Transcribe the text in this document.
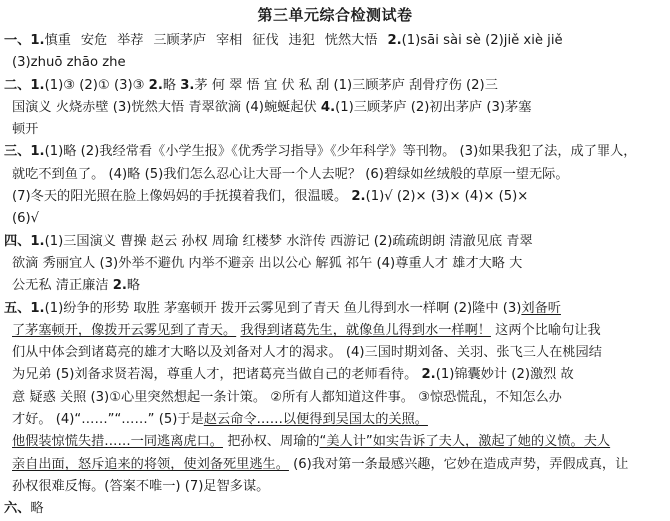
第三单元综合检测试卷
一、1.慎重 安危 举荐 三顾茅庐 宰相 征伐 违犯 恍然大悟 2.(1)sāi sài sè (2)jiě xiè jiě
(3)zhuō zhāo zhe
二、1.(1)③ (2)① (3)③ 2.略 3.茅 何 翠 悟 宜 伏 私 刮 (1)三顾茅庐 刮骨疗伤 (2)三
国演义 火烧赤壁 (3)恍然大悟 青翠欲滴 (4)蜿蜒起伏 4.(1)三顾茅庐 (2)初出茅庐 (3)茅塞
顿开
三、1.(1)略 (2)我经常看《小学生报》《优秀学习指导》《少年科学》等刊物。 (3)如果我犯了法，成了罪人，
就吃不到鱼了。 (4)略 (5)我们怎么忍心让大哥一个人去呢？ (6)碧绿如丝绒般的草原一望无际。
(7)冬天的阳光照在脸上像妈妈的手抚摸着我们，很温暖。 2.(1)√ (2)× (3)× (4)× (5)×
(6)√
四、1.(1)三国演义 曹操 赵云 孙权 周瑜 红楼梦 水浒传 西游记 (2)疏疏朗朗 清澈见底 青翠
欲滴 秀丽宜人 (3)外举不避仇 内举不避亲 出以公心 解狐 祁午 (4)尊重人才 雄才大略 大
公无私 清正廉洁 2.略
五、1.(1)纷争的形势 取胜 茅塞顿开 拨开云雾见到了青天 鱼儿得到水一样啊 (2)隆中 (3)刘备听
了茅塞顿开，像拨开云雾见到了青天。 我得到诸葛先生，就像鱼儿得到水一样啊！ 这两个比喻句让我
们从中体会到诸葛亮的雄才大略以及刘备对人才的渴求。 (4)三国时期刘备、关羽、张飞三人在桃园结
为兄弟 (5)刘备求贤若渴，尊重人才，把诸葛亮当做自己的老师看待。 2.(1)锦囊妙计 (2)激烈 故
意 疑惑 关照 (3)①心里突然想起一条计策。 ②所有人都知道这件事。 ③惊恐慌乱，不知怎么办
才好。 (4)“……”“……” (5)于是赵云命令……以便得到吴国太的关照。
他假装惊慌失措……一同逃离虎口。 把孙权、周瑜的“美人计”如实告诉了夫人，激起了她的义愤。夫人
亲自出面，怒斥追来的将领，使刘备死里逃生。 (6)我对第一条最感兴趣，它妙在造成声势，弄假成真，让
孙权很难反悔。(答案不唯一) (7)足智多谋。
六、略
